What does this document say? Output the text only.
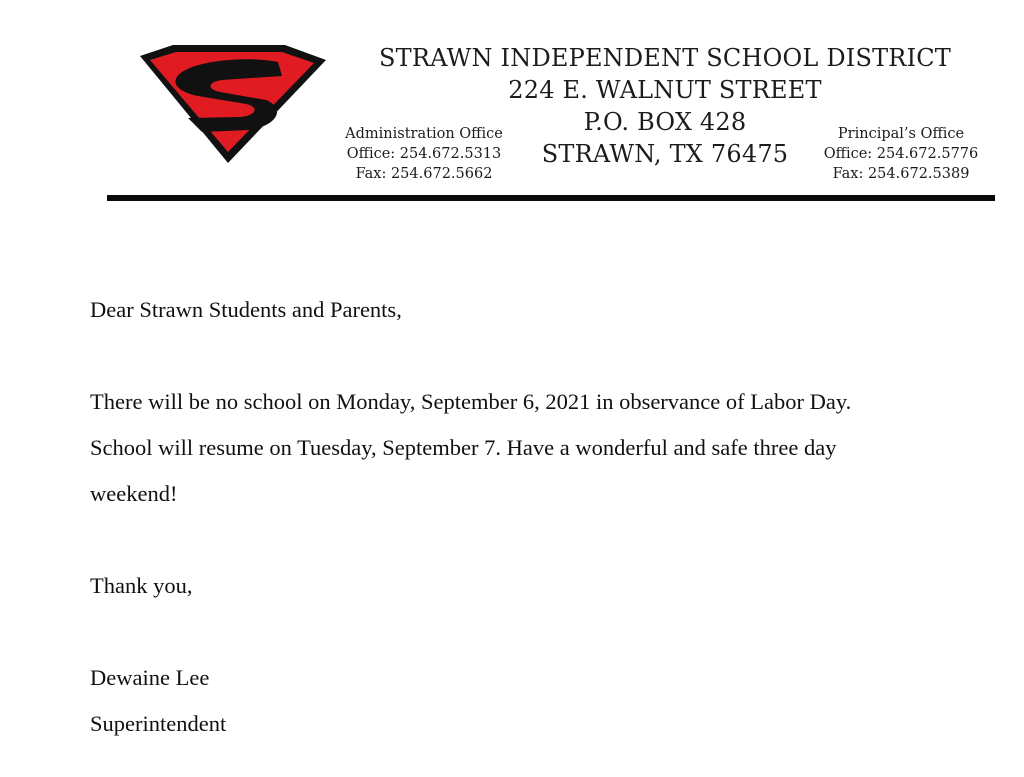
STRAWN INDEPENDENT SCHOOL DISTRICT
224 E. WALNUT STREET
P.O. BOX 428
STRAWN, TX 76475
Administration Office
Office: 254.672.5313
Fax: 254.672.5662
Principal’s Office
Office: 254.672.5776
Fax: 254.672.5389

Dear Strawn Students and Parents,

There will be no school on Monday, September 6, 2021 in observance of Labor Day.

School will resume on Tuesday, September 7. Have a wonderful and safe three day

weekend!

Thank you,

Dewaine Lee

Superintendent
